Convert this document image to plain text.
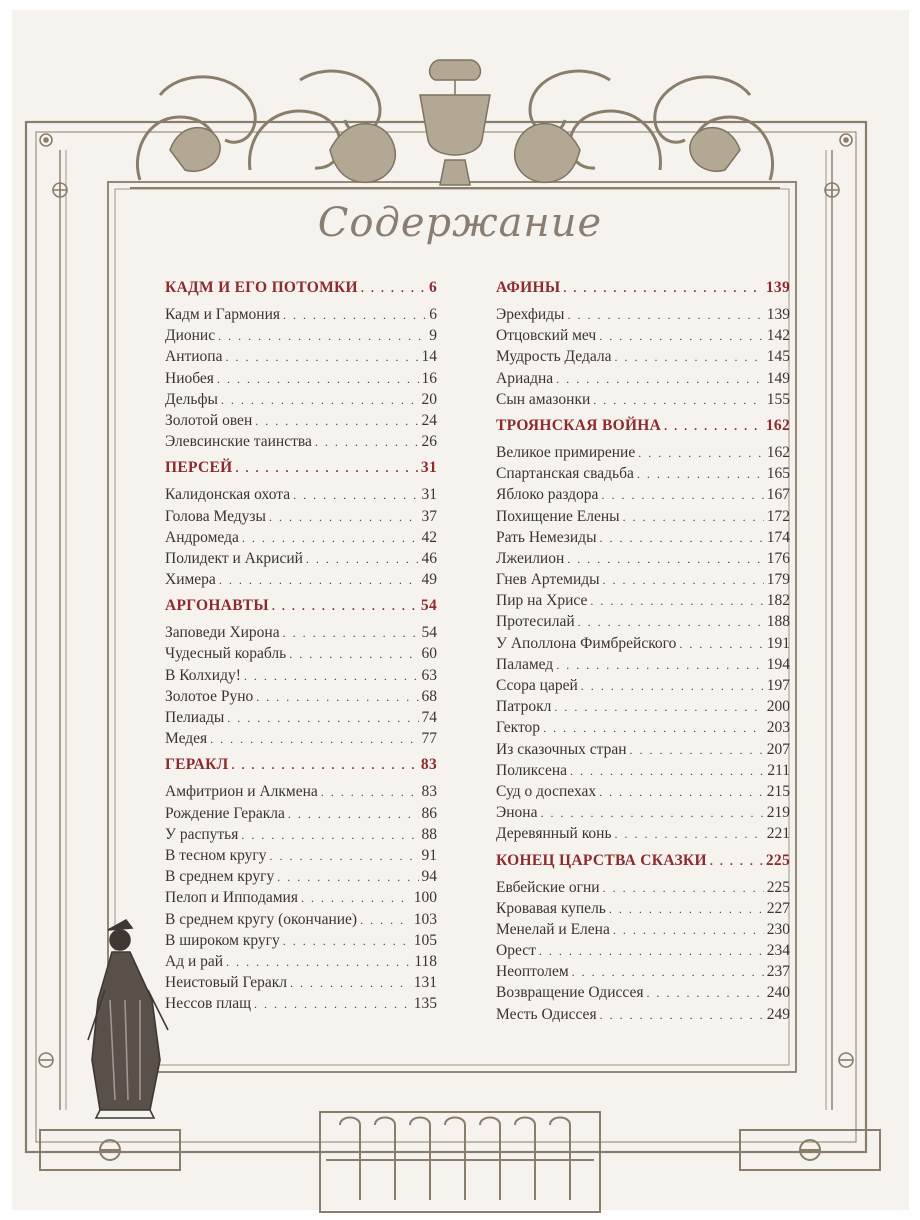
Содержание
КАДМ И ЕГО ПОТОМКИ . . .	6
Кадм и Гармония . . .	6
Дионис . . .	9
Антиопа . . .	14
Ниобея . . .	16
Дельфы . . .	20
Золотой овен . . .	24
Элевсинские таинства . . .	26
ПЕРСЕЙ . . .	31
Калидонская охота . . .	31
Голова Медузы . . .	37
Андромеда . . .	42
Полидект и Акрисий . . .	46
Химера . . .	49
АРГОНАВТЫ . . .	54
Заповеди Хирона . . .	54
Чудесный корабль . . .	60
В Колхиду! . . .	63
Золотое Руно . . .	68
Пелиады . . .	74
Медея . . .	77
ГЕРАКЛ . . .	83
Амфитрион и Алкмена . . .	83
Рождение Геракла . . .	86
У распутья . . .	88
В тесном кругу . . .	91
В среднем кругу . . .	94
Пелоп и Ипподамия . . .	100
В среднем кругу (окончание) . . .	103
В широком кругу . . .	105
Ад и рай . . .	118
Неистовый Геракл . . .	131
Нессов плащ . . .	135
АФИНЫ . . .	139
Эрехфиды . . .	139
Отцовский меч . . .	142
Мудрость Дедала . . .	145
Ариадна . . .	149
Сын амазонки . . .	155
ТРОЯНСКАЯ ВОЙНА . . .	162
Великое примирение . . .	162
Спартанская свадьба . . .	165
Яблоко раздора . . .	167
Похищение Елены . . .	172
Рать Немезиды . . .	174
Лжеилион . . .	176
Гнев Артемиды . . .	179
Пир на Хрисе . . .	182
Протесилай . . .	188
У Аполлона Фимбрейского . . .	191
Паламед . . .	194
Ссора царей . . .	197
Патрокл . . .	200
Гектор . . .	203
Из сказочных стран . . .	207
Поликсена . . .	211
Суд о доспехах . . .	215
Энона . . .	219
Деревянный конь . . .	221
КОНЕЦ ЦАРСТВА СКАЗКИ . . .	225
Евбейские огни . . .	225
Кровавая купель . . .	227
Менелай и Елена . . .	230
Орест . . .	234
Неоптолем . . .	237
Возвращение Одиссея . . .	240
Месть Одиссея . . .	249
